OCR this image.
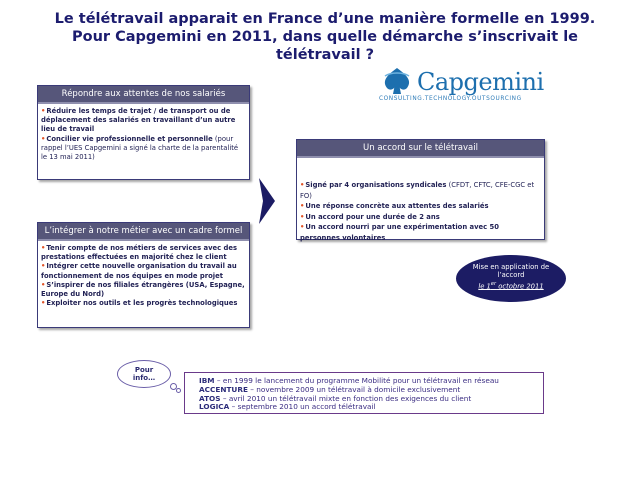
Le télétravail apparait en France d’une manière formelle en 1999.
Pour Capgemini en 2011, dans quelle démarche s’inscrivait le télétravail ?
Capgemini
CONSULTING.TECHNOLOGY.OUTSOURCING
Répondre aux attentes de nos salariés

•Réduire les temps de trajet / de transport ou de déplacement des salariés en travaillant d’un autre lieu de travail

•Concilier vie professionnelle et personnelle (pour rappel l’UES Capgemini a signé la charte de la parentalité le 13 mai 2011)

L’intégrer à notre métier avec un cadre formel

•Tenir compte de nos métiers de services avec des prestations effectuées en majorité chez le client

•Intégrer cette nouvelle organisation du travail au fonctionnement de nos équipes en mode projet

•S’inspirer de nos filiales étrangères (USA, Espagne, Europe du Nord)

•Exploiter nos outils et les progrès technologiques

Un accord sur le télétravail

•Signé par 4 organisations syndicales (CFDT, CFTC, CFE-CGC et FO)

•Une réponse concrète aux attentes des salariés

•Un accord pour une durée de 2 ans

•Un accord nourri par une expérimentation avec 50 personnes volontaires

Mise en application de
l’accord
le 1er octobre 2011
Pour
info…	IBM – en 1999 le lancement du programme Mobilité pour un télétravail en réseau
ACCENTURE – novembre 2009 un télétravail à domicile exclusivement
ATOS – avril 2010 un télétravail mixte en fonction des exigences du client
LOGICA – septembre 2010 un accord télétravail
